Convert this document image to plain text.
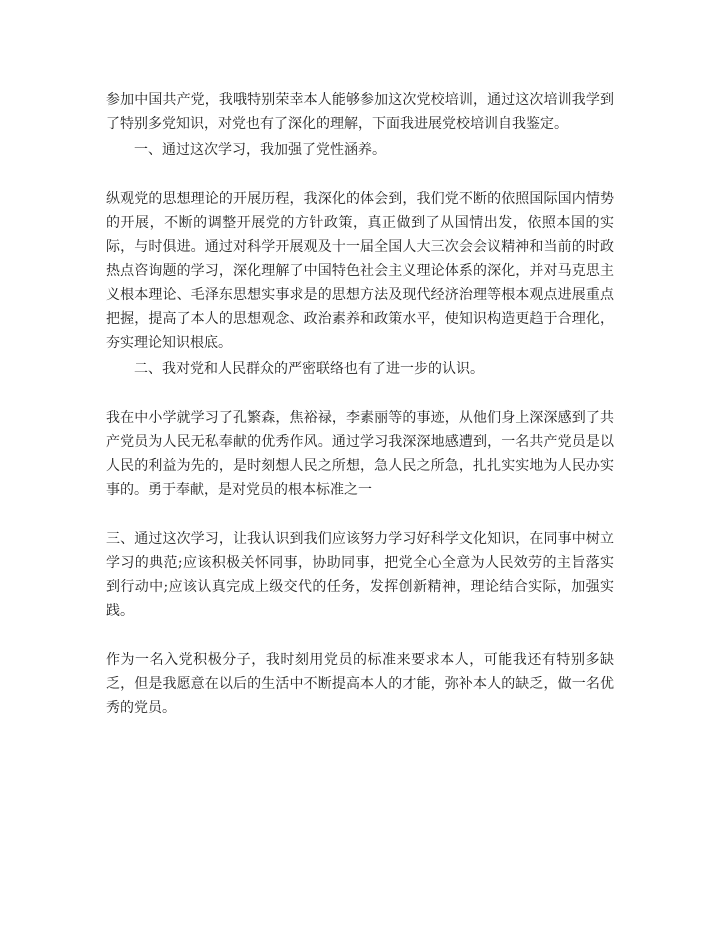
参加中国共产党，我哦特别荣幸本人能够参加这次党校培训，通过这次培训我学到了特别多党知识，对党也有了深化的理解，下面我进展党校培训自我鉴定。

一、通过这次学习，我加强了党性涵养。

纵观党的思想理论的开展历程，我深化的体会到，我们党不断的依照国际国内情势的开展，不断的调整开展党的方针政策，真正做到了从国情出发，依照本国的实际，与时俱进。通过对科学开展观及十一届全国人大三次会会议精神和当前的时政热点咨询题的学习，深化理解了中国特色社会主义理论体系的深化，并对马克思主义根本理论、毛泽东思想实事求是的思想方法及现代经济治理等根本观点进展重点把握，提高了本人的思想观念、政治素养和政策水平，使知识构造更趋于合理化，夯实理论知识根底。

二、我对党和人民群众的严密联络也有了进一步的认识。

我在中小学就学习了孔繁森，焦裕禄，李素丽等的事迹，从他们身上深深感到了共产党员为人民无私奉献的优秀作风。通过学习我深深地感遭到，一名共产党员是以人民的利益为先的，是时刻想人民之所想，急人民之所急，扎扎实实地为人民办实事的。勇于奉献，是对党员的根本标准之一

三、通过这次学习，让我认识到我们应该努力学习好科学文化知识，在同事中树立学习的典范;应该积极关怀同事，协助同事，把党全心全意为人民效劳的主旨落实到行动中;应该认真完成上级交代的任务，发挥创新精神，理论结合实际，加强实践。

作为一名入党积极分子，我时刻用党员的标准来要求本人，可能我还有特别多缺乏，但是我愿意在以后的生活中不断提高本人的才能，弥补本人的缺乏，做一名优秀的党员。
